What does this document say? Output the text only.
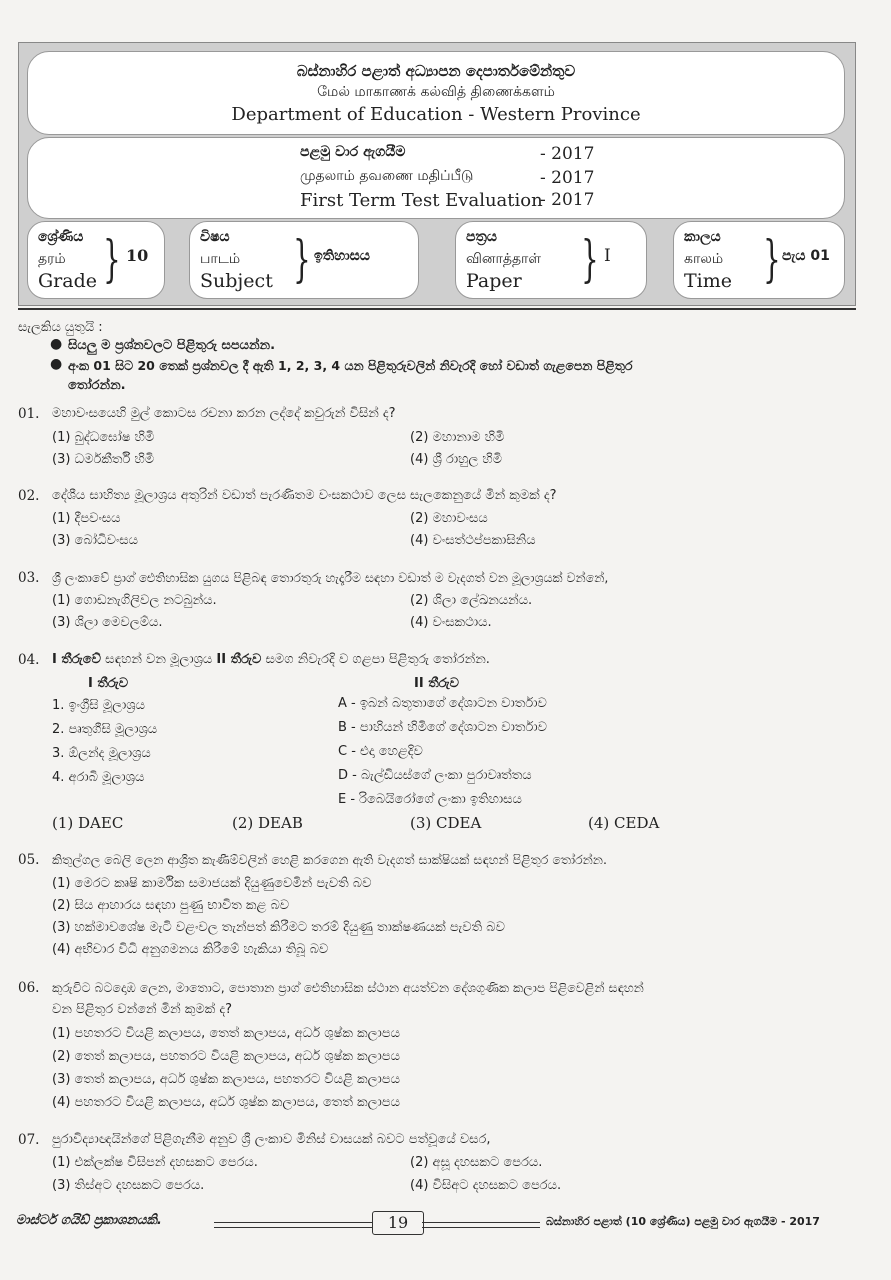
බස්නාහිර පළාත් අධ්‍යාපන දෙපාර්තමේන්තුව
மேல் மாகாணக் கல்வித் திணைக்களம்
Department of Education - Western Province
පළමු වාර ඇගයීම	- 2017
முதலாம் தவணை மதிப்பீடு	- 2017
First Term Test Evaluation
- 2017
ශ්‍රේණිය
தரம்
Grade } 10
විෂය
பாடம்
Subject } ඉතිහාසය
පත්‍රය
வினாத்தாள்
Paper	} I
කාලය
காலம்
Time } පැය 01
සැලකිය යුතුයි :
● සියලු ම ප්‍රශ්නවලට පිළිතුරු සපයන්න.
● අංක 01 සිට 20 තෙක් ප්‍රශ්නවල දී ඇති 1, 2, 3, 4 යන පිළිතුරුවලින් නිවැරදි හෝ වඩාත් ගැළපෙන පිළිතුර
තෝරන්න.
01. මහාවංසයෙහි මුල් කොටස රචනා කරන ලද්දේ කවුරුන් විසින් ද?
(1) බුද්ධඝෝෂ හිමි	(2) මහානාම හිමි
(3) ධර්මකීර්ති හිමි	(4) ශ්‍රී රාහුල හිමි
02. දේශීය සාහිත්‍ය මූලාශ්‍රය අතුරින් වඩාත් පැරණිතම වංසකථාව ලෙස සැලකෙනුයේ මින් කුමක් ද?
(1) දීපවංසය	(2) මහාවංසය
(3) බෝධිවංසය	(4) වංසත්ථප්පකාසිනිය
03. ශ්‍රී ලංකාවේ ප්‍රාග් ඓතිහාසික යුගය පිළිබඳ තොරතුරු හැදෑරීම සඳහා වඩාත් ම වැදගත් වන මූලාශ්‍රයක් වන්නේ,
(1) ගොඩනැගිලිවල නටබුන්ය.	(2) ශිලා ලේඛනයන්ය.
(3) ශිලා මෙවලම්ය.	(4) වංසකථාය.
04. I තීරුවේ සඳහන් වන මූලාශ්‍රය II තීරුව සමග නිවැරදි ව ගළපා පිළිතුරු තෝරන්න.
I තීරුව	II තීරුව
1. ඉංග්‍රීසි මූලාශ්‍රය
2. පෘතුගීසි මූලාශ්‍රය
3. ඕලන්ද මූලාශ්‍රය
4. අරාබි මූලාශ්‍රය
A - ඉබන් බතූතාගේ දේශාටන වාර්තාව
B - පාහියන් හිමිගේ දේශාටන වාර්තාව
C - එදා හෙළදිව
D - බැල්ඩියස්ගේ ලංකා පුරාවෘත්තය
E - රිබෙයිරෝගේ ලංකා ඉතිහාසය
(1) DAEC	(2) DEAB	(3) CDEA	(4) CEDA
05. කිතුල්ගල බෙලි ලෙන ආශ්‍රිත කැණීම්වලින් හෙළි කරගෙන ඇති වැදගත් සාක්ෂියක් සඳහන් පිළිතුර තෝරන්න.
(1) මෙරට කෘෂි කාර්මික සමාජයක් දියුණුවෙමින් පැවති බව
(2) සිය ආහාරය සඳහා පුණු භාවිත කළ බව
(3) හක්මාවශේෂ මැටි වළංවල තැන්පත් කිරීමට තරම් දියුණු තාක්ෂණයක් පැවති බව
(4) අභිචාර විධි අනුගමනය කිරීමේ හැකියා තිබූ බව
06. කුරුවිට බටදොඹ ලෙන, මාතොට, පොතාන ප්‍රාග් ඓතිහාසික ස්ථාන අයත්වන දේශගුණික කලාප පිළිවෙළින් සඳහන්
වන පිළිතුර වන්නේ මින් කුමක් ද?
(1) පහතරට වියළි කලාපය, තෙත් කලාපය, අර්ධ ශුෂ්ක කලාපය
(2) තෙත් කලාපය, පහතරට වියළි කලාපය, අර්ධ ශුෂ්ක කලාපය
(3) තෙත් කලාපය, අර්ධ ශුෂ්ක කලාපය, පහතරට වියළි කලාපය
(4) පහතරට වියළි කලාපය, අර්ධ ශුෂ්ක කලාපය, තෙත් කලාපය
07. පුරාවිද්‍යාඥයින්ගේ පිළිගැනීම අනුව ශ්‍රී ලංකාව මිනිස් වාසයක් බවට පත්වූයේ වසර,
(1) එක්ලක්ෂ විසිපන් දහසකට පෙරය.	(2) අසූ දහසකට පෙරය.
(3) තිස්අට දහසකට පෙරය.	(4) විසිඅට දහසකට පෙරය.
මාස්ටර් ගයිඩ් ප්‍රකාශනයකි.	19	බස්නාහිර පළාත් (10 ශ්‍රේණිය) පළමු වාර ඇගයීම - 2017
